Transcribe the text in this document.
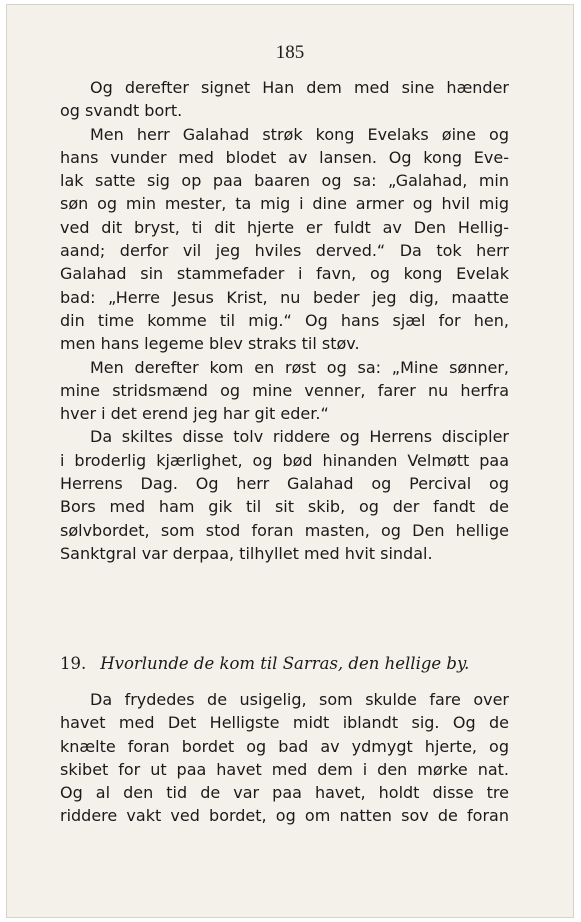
185
Og derefter signet Han dem med sine hænder
og svandt bort.
Men herr Galahad strøk kong Evelaks øine og
hans vunder med blodet av lansen. Og kong Eve-
lak satte sig op paa baaren og sa: „Galahad, min
søn og min mester, ta mig i dine armer og hvil mig
ved dit bryst, ti dit hjerte er fuldt av Den Hellig-
aand; derfor vil jeg hviles derved.“ Da tok herr
Galahad sin stammefader i favn, og kong Evelak
bad: „Herre Jesus Krist, nu beder jeg dig, maatte
din time komme til mig.“ Og hans sjæl for hen,
men hans legeme blev straks til støv.
Men derefter kom en røst og sa: „Mine sønner,
mine stridsmænd og mine venner, farer nu herfra
hver i det erend jeg har git eder.“
Da skiltes disse tolv riddere og Herrens discipler
i broderlig kjærlighet, og bød hinanden Velmøtt paa
Herrens Dag. Og herr Galahad og Percival og
Bors med ham gik til sit skib, og der fandt de
sølvbordet, som stod foran masten, og Den hellige
Sanktgral var derpaa, tilhyllet med hvit sindal.
19. Hvorlunde de kom til Sarras, den hellige by.
Da frydedes de usigelig, som skulde fare over
havet med Det Helligste midt iblandt sig. Og de
knælte foran bordet og bad av ydmygt hjerte, og
skibet for ut paa havet med dem i den mørke nat.
Og al den tid de var paa havet, holdt disse tre
riddere vakt ved bordet, og om natten sov de foran
